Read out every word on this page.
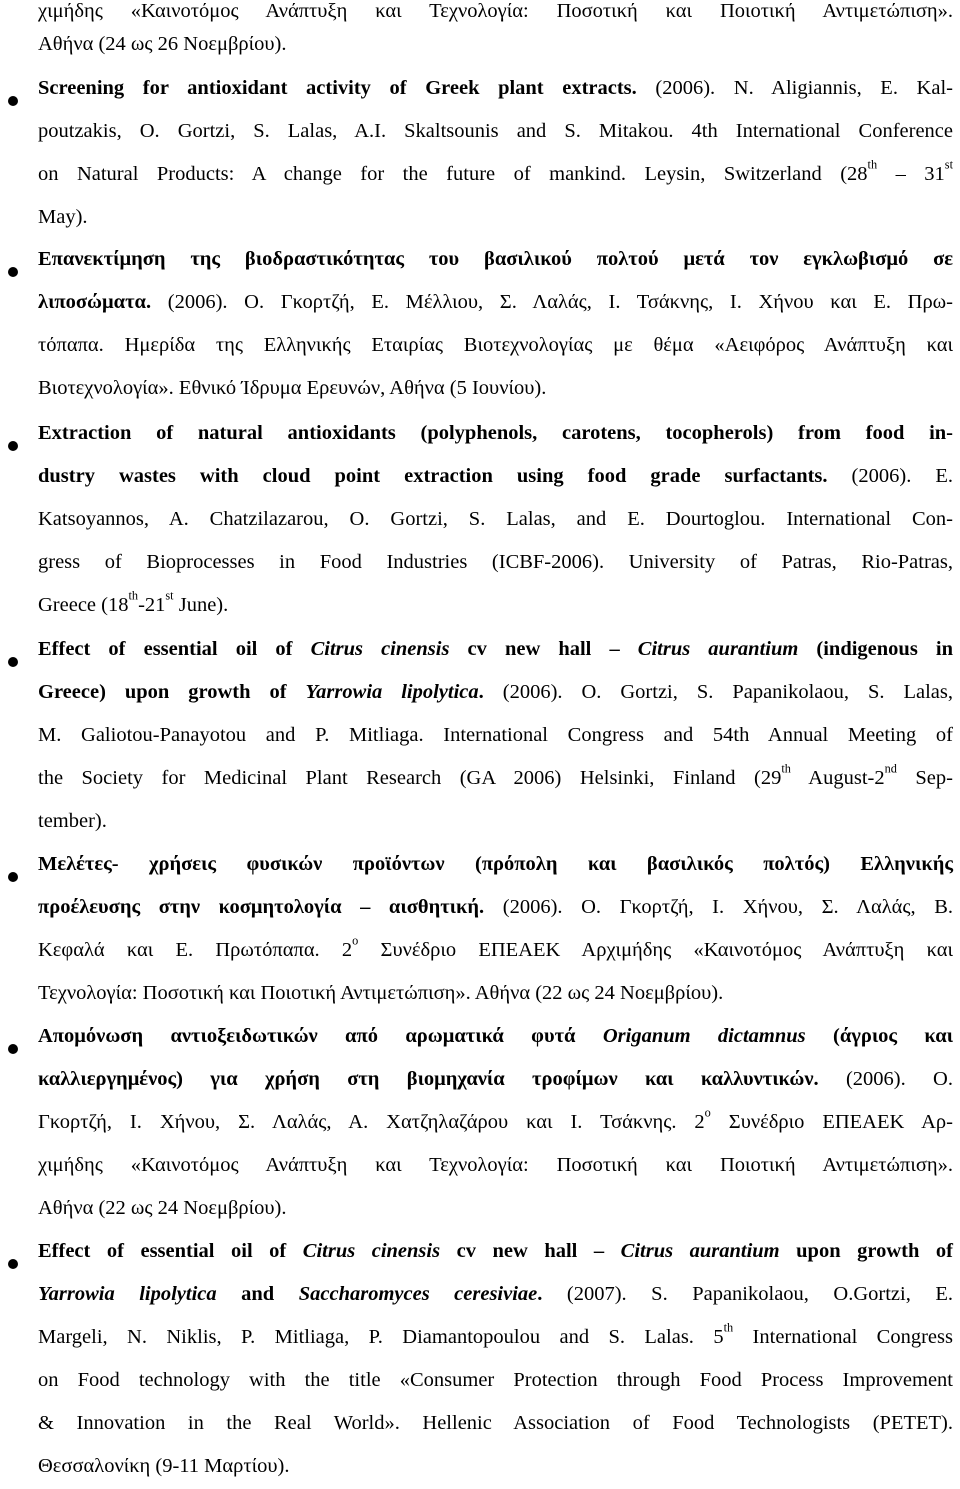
χιμήδης «Καινοτόμος Ανάπτυξη και Τεχνολογία: Ποσοτική και Ποιοτική Αντιμετώπιση».
Αθήνα (24 ως 26 Νοεμβρίου).
Screening for antioxidant activity of Greek plant extracts. (2006). N. Aligiannis, E. Kal-
poutzakis, O. Gortzi, S. Lalas, A.I. Skaltsounis and S. Mitakou. 4th International Conference
on Natural Products: A change for the future of mankind. Leysin, Switzerland (28th – 31st
May).
Επανεκτίμηση της βιοδραστικότητας του βασιλικού πολτού μετά τον εγκλωβισμό σε
λιποσώματα. (2006). Ο. Γκορτζή, Ε. Μέλλιου, Σ. Λαλάς, Ι. Τσάκνης, Ι. Χήνου και Ε. Πρω-
τόπαπα. Ημερίδα της Ελληνικής Εταιρίας Βιοτεχνολογίας με θέμα «Αειφόρος Ανάπτυξη και
Βιοτεχνολογία». Εθνικό Ίδρυμα Ερευνών, Αθήνα (5 Ιουνίου).
Extraction of natural antioxidants (polyphenols, carotens, tocopherols) from food in-
dustry wastes with cloud point extraction using food grade surfactants. (2006). E.
Katsoyannos, A. Chatzilazarou, O. Gortzi, S. Lalas, and E. Dourtoglou. International Con-
gress of Bioprocesses in Food Industries (ICBF-2006). University of Patras, Rio-Patras,
Greece (18th-21st June).
Effect of essential oil of Citrus cinensis cv new hall – Citrus aurantium (indigenous in
Greece) upon growth of Yarrowia lipolytica. (2006). O. Gortzi, S. Papanikolaou, S. Lalas,
M. Galiotou-Panayotou and P. Mitliaga. International Congress and 54th Annual Meeting of
the Society for Medicinal Plant Research (GA 2006) Helsinki, Finland (29th August-2nd Sep-
tember).
Μελέτες- χρήσεις φυσικών προϊόντων (πρόπολη και βασιλικός πολτός) Ελληνικής
προέλευσης στην κοσμητολογία – αισθητική. (2006). Ο. Γκορτζή, Ι. Χήνου, Σ. Λαλάς, Β.
Κεφαλά και Ε. Πρωτόπαπα. $2^o$ Συνέδριο ΕΠΕΑΕΚ Αρχιμήδης «Καινοτόμος Ανάπτυξη και
Τεχνολογία: Ποσοτική και Ποιοτική Αντιμετώπιση». Αθήνα (22 ως 24 Νοεμβρίου).
Απομόνωση αντιοξειδωτικών από αρωματικά φυτά Origanum dictamnus (άγριος και
καλλιεργημένος) για χρήση στη βιομηχανία τροφίμων και καλλυντικών. (2006). Ο.
Γκορτζή, Ι. Χήνου, Σ. Λαλάς, Α. Χατζηλαζάρου και Ι. Τσάκνης. $2^o$ Συνέδριο ΕΠΕΑΕΚ Αρ-
χιμήδης «Καινοτόμος Ανάπτυξη και Τεχνολογία: Ποσοτική και Ποιοτική Αντιμετώπιση».
Αθήνα (22 ως 24 Νοεμβρίου).
Effect of essential oil of Citrus cinensis cv new hall – Citrus aurantium upon growth of
Yarrowia lipolytica and Saccharomyces ceresiviae. (2007). S. Papanikolaou, O.Gortzi, E.
Margeli, N. Niklis, P. Mitliaga, P. Diamantopoulou and S. Lalas. 5th International Congress
on Food technology with the title «Consumer Protection through Food Process Improvement
& Innovation in the Real World». Hellenic Association of Food Technologists (PETET).
Θεσσαλονίκη (9-11 Μαρτίου).
